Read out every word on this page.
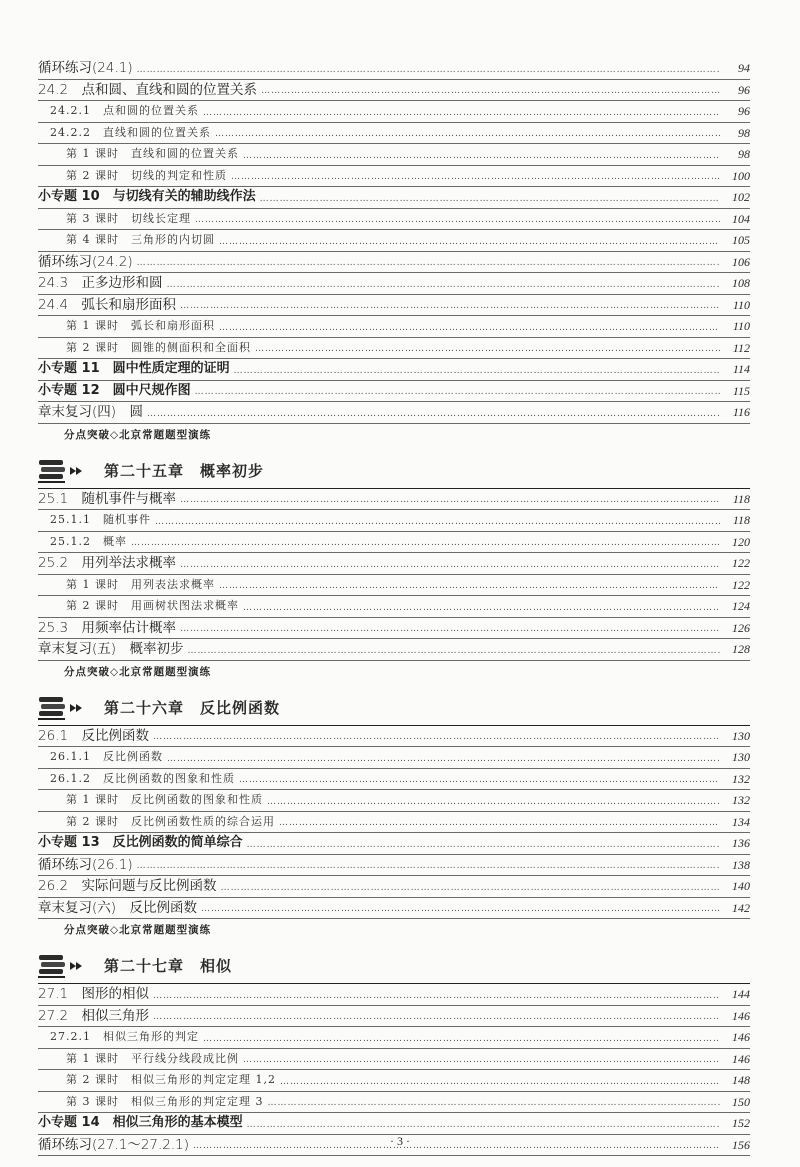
循环练习(24.1) ……………………………………………………………………………………………………………………………………………………………………………………………………………………………………………………………	94
24.2　点和圆、直线和圆的位置关系 ……………………………………………………………………………………………………………………………………………………………………………………………………………………………………………………………	96
24.2.1　点和圆的位置关系 ……………………………………………………………………………………………………………………………………………………………………………………………………………………………………………………………	96
24.2.2　直线和圆的位置关系 ……………………………………………………………………………………………………………………………………………………………………………………………………………………………………………………………	98
第 1 课时　直线和圆的位置关系 ……………………………………………………………………………………………………………………………………………………………………………………………………………………………………………………………	98
第 2 课时　切线的判定和性质 ……………………………………………………………………………………………………………………………………………………………………………………………………………………………………………………………	100
小专题 10　与切线有关的辅助线作法 ……………………………………………………………………………………………………………………………………………………………………………………………………………………………………………………………	102
第 3 课时　切线长定理 ……………………………………………………………………………………………………………………………………………………………………………………………………………………………………………………………	104
第 4 课时　三角形的内切圆 ……………………………………………………………………………………………………………………………………………………………………………………………………………………………………………………………	105
循环练习(24.2) ……………………………………………………………………………………………………………………………………………………………………………………………………………………………………………………………	106
24.3　正多边形和圆 ……………………………………………………………………………………………………………………………………………………………………………………………………………………………………………………………	108
24.4　弧长和扇形面积 ……………………………………………………………………………………………………………………………………………………………………………………………………………………………………………………………	110
第 1 课时　弧长和扇形面积 ……………………………………………………………………………………………………………………………………………………………………………………………………………………………………………………………	110
第 2 课时　圆锥的侧面积和全面积 ……………………………………………………………………………………………………………………………………………………………………………………………………………………………………………………………	112
小专题 11　圆中性质定理的证明 ……………………………………………………………………………………………………………………………………………………………………………………………………………………………………………………………	114
小专题 12　圆中尺规作图 ……………………………………………………………………………………………………………………………………………………………………………………………………………………………………………………………	115
章末复习(四)　圆 ……………………………………………………………………………………………………………………………………………………………………………………………………………………………………………………………	116
分点突破◇北京常题题型演练
第二十五章　概率初步
25.1　随机事件与概率 ……………………………………………………………………………………………………………………………………………………………………………………………………………………………………………………………	118
25.1.1　随机事件 ……………………………………………………………………………………………………………………………………………………………………………………………………………………………………………………………	118
25.1.2　概率 ……………………………………………………………………………………………………………………………………………………………………………………………………………………………………………………………	120
25.2　用列举法求概率 ……………………………………………………………………………………………………………………………………………………………………………………………………………………………………………………………	122
第 1 课时　用列表法求概率 ……………………………………………………………………………………………………………………………………………………………………………………………………………………………………………………………	122
第 2 课时　用画树状图法求概率 ……………………………………………………………………………………………………………………………………………………………………………………………………………………………………………………………	124
25.3　用频率估计概率 ……………………………………………………………………………………………………………………………………………………………………………………………………………………………………………………………	126
章末复习(五)　概率初步 ……………………………………………………………………………………………………………………………………………………………………………………………………………………………………………………………	128
分点突破◇北京常题题型演练
第二十六章　反比例函数
26.1　反比例函数 ……………………………………………………………………………………………………………………………………………………………………………………………………………………………………………………………	130
26.1.1　反比例函数 ……………………………………………………………………………………………………………………………………………………………………………………………………………………………………………………………	130
26.1.2　反比例函数的图象和性质 ……………………………………………………………………………………………………………………………………………………………………………………………………………………………………………………………	132
第 1 课时　反比例函数的图象和性质 ……………………………………………………………………………………………………………………………………………………………………………………………………………………………………………………………	132
第 2 课时　反比例函数性质的综合运用 ……………………………………………………………………………………………………………………………………………………………………………………………………………………………………………………………	134
小专题 13　反比例函数的简单综合 ……………………………………………………………………………………………………………………………………………………………………………………………………………………………………………………………	136
循环练习(26.1) ……………………………………………………………………………………………………………………………………………………………………………………………………………………………………………………………	138
26.2　实际问题与反比例函数 ……………………………………………………………………………………………………………………………………………………………………………………………………………………………………………………………	140
章末复习(六)　反比例函数 ……………………………………………………………………………………………………………………………………………………………………………………………………………………………………………………………	142
分点突破◇北京常题题型演练
第二十七章　相似
27.1　图形的相似 ……………………………………………………………………………………………………………………………………………………………………………………………………………………………………………………………	144
27.2　相似三角形 ……………………………………………………………………………………………………………………………………………………………………………………………………………………………………………………………	146
27.2.1　相似三角形的判定 ……………………………………………………………………………………………………………………………………………………………………………………………………………………………………………………………	146
第 1 课时　平行线分线段成比例 ……………………………………………………………………………………………………………………………………………………………………………………………………………………………………………………………	146
第 2 课时　相似三角形的判定定理 1,2 ……………………………………………………………………………………………………………………………………………………………………………………………………………………………………………………………	148
第 3 课时　相似三角形的判定定理 3 ……………………………………………………………………………………………………………………………………………………………………………………………………………………………………………………………	150
小专题 14　相似三角形的基本模型 ……………………………………………………………………………………………………………………………………………………………………………………………………………………………………………………………	152
循环练习(27.1～27.2.1) ……………………………………………………………………………………………………………………………………………………………………………………………………………………………………………………………	156
· 3 ·
